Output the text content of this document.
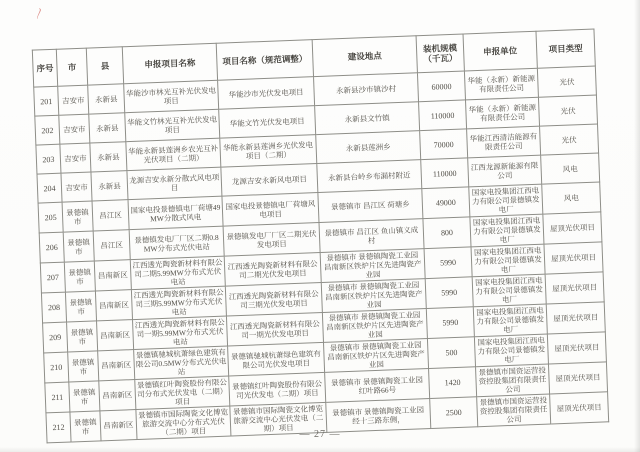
〳
序号	市	县	申报项目名称	项目名称（规范调整）	建设地点	装机规模（千瓦）	申报单位	项目类型
201	吉安市	永新县	华能沙市林光互补光伏发电项目	华能沙市光伏发电项目	永新县沙市镇沙村	60000	华能（永新）新能源有限责任公司	光伏
202	吉安市	永新县	华能文竹林光互补光伏发电项目	华能文竹光伏发电项目	永新县文竹镇	110000	华能（永新）新能源有限责任公司	光伏
203	吉安市	永新县	华能永新县莲洲乡农光互补光伏项目（二期）	华能永新县莲洲乡光伏发电项目（二期）	永新县莲洲乡	70000	华能江西清洁能源有限责任公司	光伏
204	吉安市	永新县	龙源吉安永新分散式风电项目	龙源吉安永新风电项目	永新县台岭乡布漏村附近	110000	江西龙源新能源有限公司	风电
205	景德镇市	昌江区	国家电投景德镇电厂荷塘49MW分散式风电	国家电投景德镇电厂荷塘风电项目	景德镇市 昌江区 荷塘乡	49000	国家电投集团江西电力有限公司景德镇发电厂	风电
206	景德镇市	昌江区	景德镇发电厂厂区二期0.8MW分布式光伏电站	景德镇发电厂厂区二期光伏发电项目	景德镇市 昌江区 鱼山镇义成村	800	国家电投集团江西电力有限公司景德镇发电厂	屋顶光伏项目
207	景德镇市	昌南新区	江西透光陶瓷新材料有限公司二期5.99MW分布式光伏电站	江西透光陶瓷新材料有限公司二期光伏发电项目	景德镇市 景德镇陶瓷工业园 昌南新区铁炉片区先进陶瓷产业园	5990	国家电投集团江西电力有限公司景德镇发电厂	屋顶光伏项目
208	景德镇市	昌南新区	江西透光陶瓷新材料有限公司三期5.99MW分布式光伏电站	江西透光陶瓷新材料有限公司三期光伏发电项目	景德镇市 景德镇陶瓷工业园 昌南新区铁炉片区先进陶瓷产业园	5990	国家电投集团江西电力有限公司景德镇发电厂	屋顶光伏项目
209	景德镇市	昌南新区	江西透光陶瓷新材料有限公司一期5.99MW分布式光伏电站	江西透光陶瓷新材料有限公司一期光伏发电项目	景德镇市 景德镇陶瓷工业园 昌南新区铁炉片区先进陶瓷产业园	5990	国家电投集团江西电力有限公司景德镇发电厂	屋顶光伏项目
210	景德镇市	昌南新区	景德镇驰城杭萧绿色建筑有限公司0.5MW分布式光伏电站	景德镇驰城杭萧绿色建筑有限公司光伏发电项目	景德镇市 景德镇陶瓷工业园 昌南新区铁炉片区先进陶瓷产业园	500	国家电投集团江西电力有限公司景德镇发电厂	屋顶光伏项目
211	景德镇市	昌南新区	景德镇红叶陶瓷股份有限公司分布式光伏发电（二期）项目	景德镇红叶陶瓷股份有限公司光伏发电（二期）项目	景德镇市 景德镇陶瓷工业园 红叶路66号	1420	景德镇市国资运营投资控股集团有限责任公司	屋顶光伏项目
212	景德镇市	昌南新区	景德镇市国际陶瓷文化博览旅游交流中心分布式光伏（二期）项目	景德镇市国际陶瓷文化博览旅游交流中心光伏发电（二期）项目	景德镇市 景德镇陶瓷工业园 经十三路东侧，	2500	景德镇市国资运营投资控股集团有限责任公司	屋顶光伏项目
— 27 —
